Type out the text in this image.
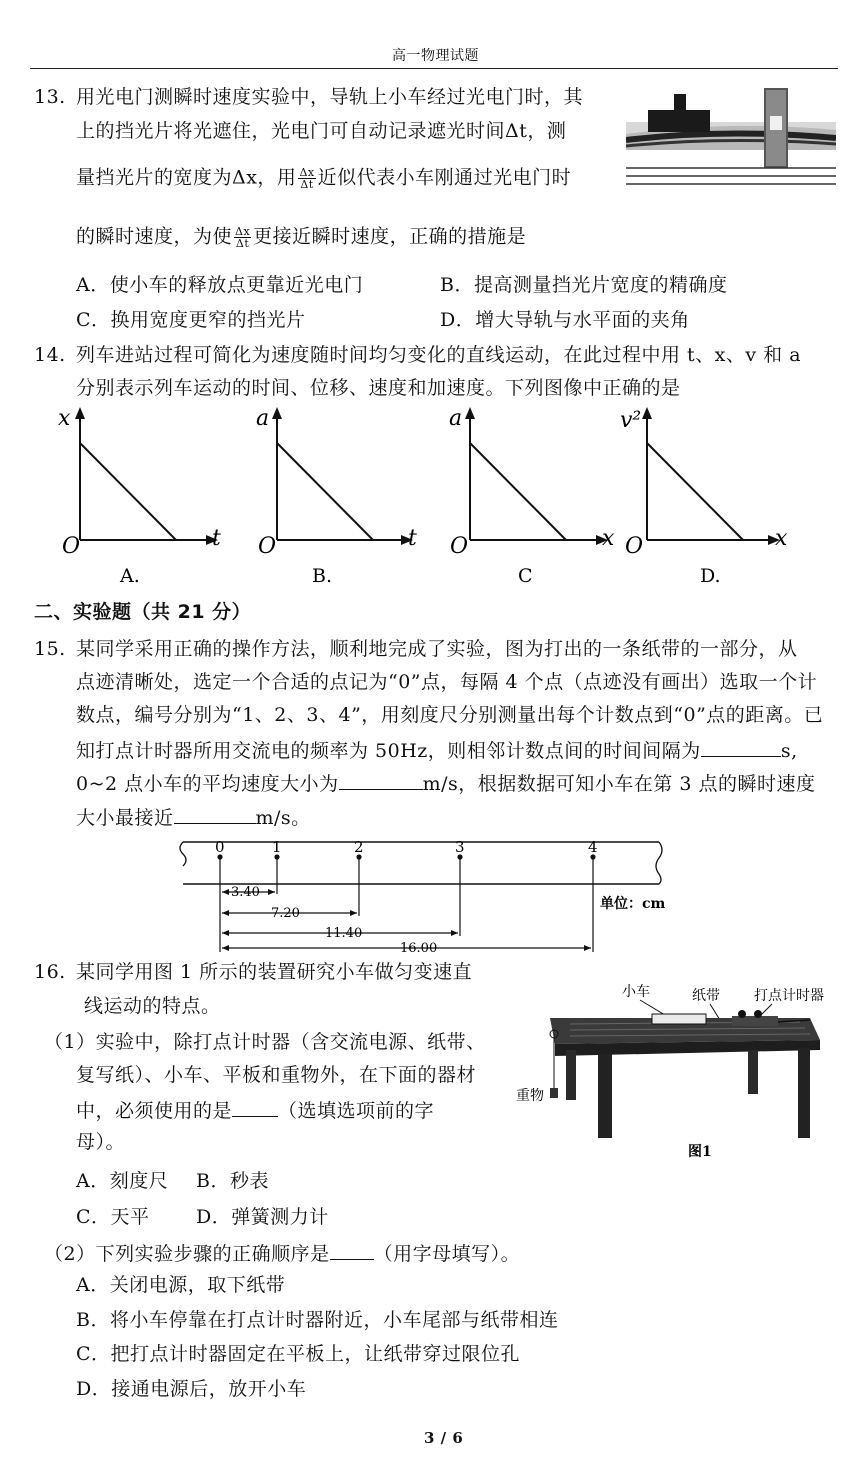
高一物理试题
13. 用光电门测瞬时速度实验中，导轨上小车经过光电门时，其
上的挡光片将光遮住，光电门可自动记录遮光时间Δt，测
量挡光片的宽度为Δx，用 $\frac{\Delta x}{\Delta t}$ 近似代表小车刚通过光电门时
的瞬时速度，为使 $\frac{\Delta x}{\Delta t}$ 更接近瞬时速度，正确的措施是
A．使小车的释放点更靠近光电门	B．提高测量挡光片宽度的精确度
C．换用宽度更窄的挡光片	D．增大导轨与水平面的夹角
14. 列车进站过程可简化为速度随时间均匀变化的直线运动，在此过程中用 t、x、v 和 a
分别表示列车运动的时间、位移、速度和加速度。下列图像中正确的是
x
t
O
A.
a
t
O
B.
a
x
O
C
v²
x
O
D.
二、实验题（共 21 分）
15. 某同学采用正确的操作方法，顺利地完成了实验，图为打出的一条纸带的一部分，从
点迹清晰处，选定一个合适的点记为“0”点，每隔 4 个点（点迹没有画出）选取一个计
数点，编号分别为“1、2、3、4”，用刻度尺分别测量出每个计数点到“0”点的距离。已
知打点计时器所用交流电的频率为 50Hz，则相邻计数点间的时间间隔为	s,
0~2 点小车的平均速度大小为	m/s，根据数据可知小车在第 3 点的瞬时速度
大小最接近	m/s。
0	1	2	3	4
3.40
7.20
11.40
16.00
单位：cm
16. 某同学用图 1 所示的装置研究小车做匀变速直
线运动的特点。
（1）实验中，除打点计时器（含交流电源、纸带、
复写纸）、小车、平板和重物外，在下面的器材
中，必须使用的是 （选填选项前的字
母）。
A．刻度尺 B．秒表
C．天平 D．弹簧测力计
（2）下列实验步骤的正确顺序是 （用字母填写）。
A．关闭电源，取下纸带
B．将小车停靠在打点计时器附近，小车尾部与纸带相连
C．把打点计时器固定在平板上，让纸带穿过限位孔
D．接通电源后，放开小车
小车	纸带 打点计时器
重物
图1
3 / 6
